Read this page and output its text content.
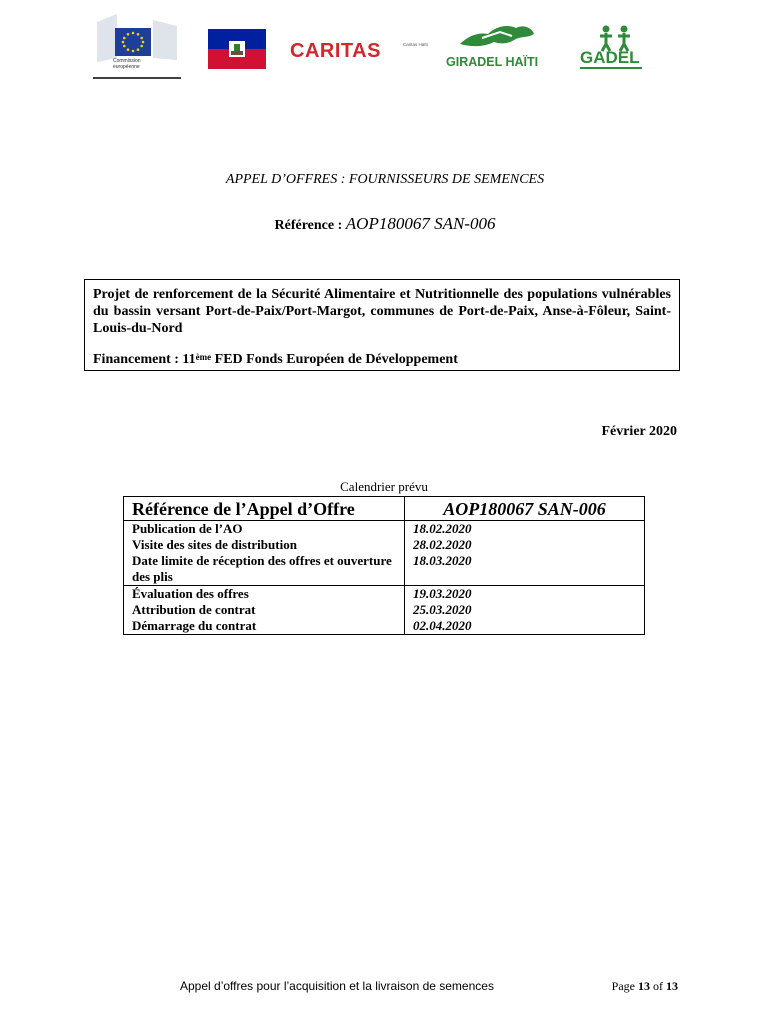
Commission européenne
CARITAS	Caritas Haïti
GIRADEL HAÏTI GADEL
APPEL D’OFFRES : FOURNISSEURS DE SEMENCES
Référence : AOP180067 SAN-006

Projet de renforcement de la Sécurité Alimentaire et Nutritionnelle des populations vulnérables du bassin versant Port-de-Paix/Port-Margot, communes de Port-de-Paix, Anse-à-Fôleur, Saint-Louis-du-Nord

Financement : 11ème FED Fonds Européen de Développement

Février 2020
Calendrier prévu
Référence de l’Appel d’Offre	AOP180067 SAN-006
Publication de l’AO	18.02.2020
Visite des sites de distribution	28.02.2020
Date limite de réception des offres et ouverture des plis	18.03.2020
Évaluation des offres	19.03.2020
Attribution de contrat	25.03.2020
Démarrage du contrat	02.04.2020
Appel d’offres pour l’acquisition et la livraison de semences	Page 13 of 13
